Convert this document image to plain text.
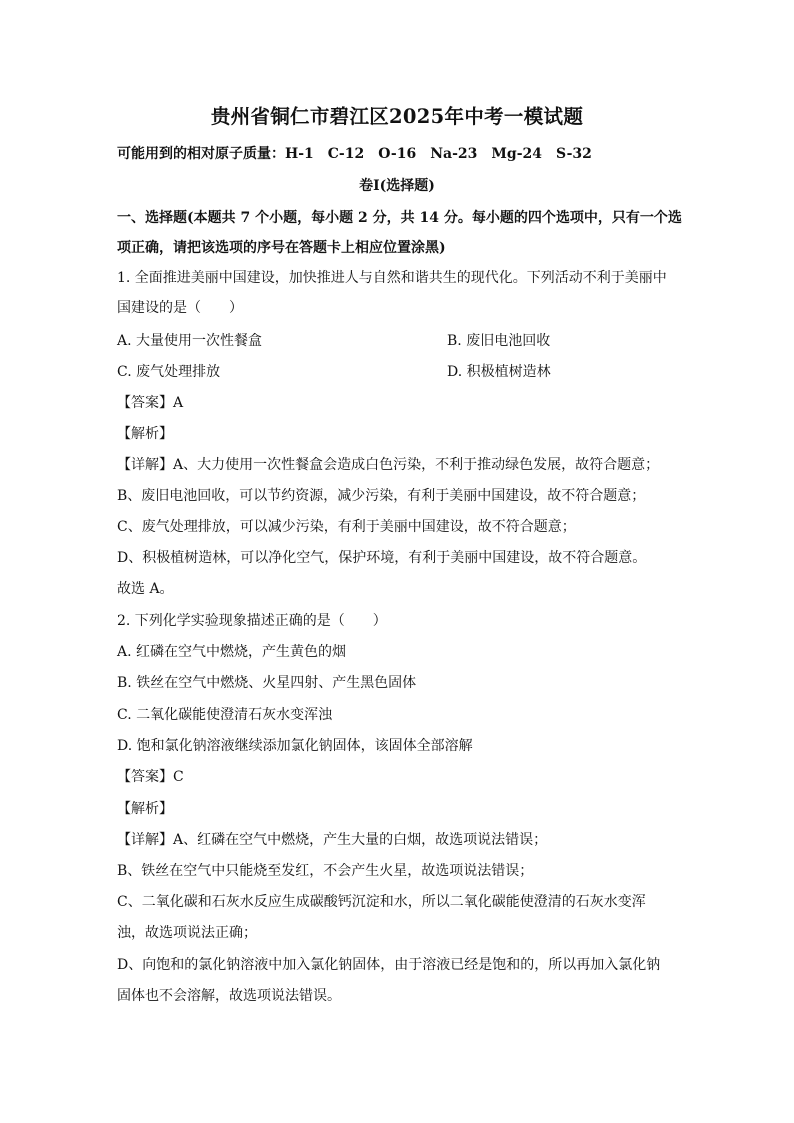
贵州省铜仁市碧江区2025年中考一模试题
可能用到的相对原子质量：H-1 C-12 O-16 Na-23 Mg-24 S-32
卷Ⅰ(选择题)
一、选择题(本题共 7 个小题，每小题 2 分，共 14 分。每小题的四个选项中，只有一个选
项正确，请把该选项的序号在答题卡上相应位置涂黑)
1. 全面推进美丽中国建设，加快推进人与自然和谐共生的现代化。下列活动不利于美丽中
国建设的是（　　）
A. 大量使用一次性餐盒	B. 废旧电池回收
C. 废气处理排放	D. 积极植树造林
【答案】A
【解析】
【详解】A、大力使用一次性餐盒会造成白色污染，不利于推动绿色发展，故符合题意；
B、废旧电池回收，可以节约资源，减少污染，有利于美丽中国建设，故不符合题意；
C、废气处理排放，可以减少污染，有利于美丽中国建设，故不符合题意；
D、积极植树造林，可以净化空气，保护环境，有利于美丽中国建设，故不符合题意。
故选 A。
2. 下列化学实验现象描述正确的是（　　）
A. 红磷在空气中燃烧，产生黄色的烟
B. 铁丝在空气中燃烧、火星四射、产生黑色固体
C. 二氧化碳能使澄清石灰水变浑浊
D. 饱和氯化钠溶液继续添加氯化钠固体，该固体全部溶解
【答案】C
【解析】
【详解】A、红磷在空气中燃烧，产生大量的白烟，故选项说法错误；
B、铁丝在空气中只能烧至发红，不会产生火星，故选项说法错误；
C、二氧化碳和石灰水反应生成碳酸钙沉淀和水，所以二氧化碳能使澄清的石灰水变浑
浊，故选项说法正确；
D、向饱和的氯化钠溶液中加入氯化钠固体，由于溶液已经是饱和的，所以再加入氯化钠
固体也不会溶解，故选项说法错误。
